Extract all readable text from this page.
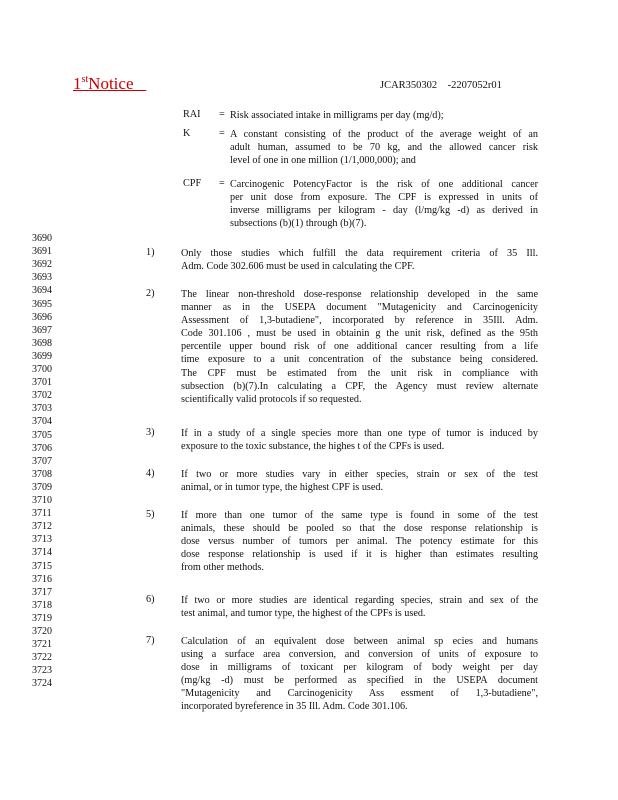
1stNotice	JCAR350302    -2207052r01
RAI = Risk associated intake in milligrams per day (mg/d);
K	= A constant consisting of the product of the average weight of an
adult human, assumed to be 70 kg, and the allowed cancer risk
level of one in one million (1/1,000,000); and
CPF = Carcinogenic PotencyFactor is the risk of one additional cancer
per unit dose from exposure. The CPF is expressed in units of
inverse milligrams per kilogram - day (l/mg/kg -d) as derived in
subsections (b)(1) through (b)(7).
3690
3691
3692
3693
3694
3695
3696
3697
3698
3699
3700
3701
3702
3703
3704
3705
3706
3707
3708
3709
3710
3711
3712
3713
3714
3715
3716
3717
3718
3719
3720
3721
3722
3723
3724
1)	Only those studies which fulfill the data requirement criteria of 35 Ill.
Adm. Code 302.606 must be used in calculating the CPF.
2)	The linear non-threshold dose-response relationship developed in the same
manner as in the USEPA document "Mutagenicity and Carcinogenicity
Assessment of 1,3-butadiene", incorporated by reference in 35Ill. Adm.
Code 301.106 , must be used in obtainin g the unit risk, defined as the 95th
percentile upper bound risk of one additional cancer resulting from a life
time exposure to a unit concentration of the substance being considered.
The CPF must be estimated from the unit risk in compliance with
subsection (b)(7).In calculating a CPF, the Agency must review alternate
scientifically valid protocols if so requested.
3)	If in a study of a single species more than one type of tumor is induced by
exposure to the toxic substance, the highes t of the CPFs is used.
4)	If two or more studies vary in either species, strain or sex of the test
animal, or in tumor type, the highest CPF is used.
5)	If more than one tumor of the same type is found in some of the test
animals, these should be pooled so that the dose response relationship is
dose versus number of tumors per animal. The potency estimate for this
dose response relationship is used if it is higher than estimates resulting
from other methods.
6)	If two or more studies are identical regarding species, strain and sex of the
test animal, and tumor type, the highest of the CPFs is used.
7)	Calculation of an equivalent dose between animal sp ecies and humans
using a surface area conversion, and conversion of units of exposure to
dose in milligrams of toxicant per kilogram of body weight per day
(mg/kg -d) must be performed as specified in the USEPA document
"Mutagenicity and Carcinogenicity Ass essment of 1,3-butadiene",
incorporated byreference in 35 Ill. Adm. Code 301.106.
